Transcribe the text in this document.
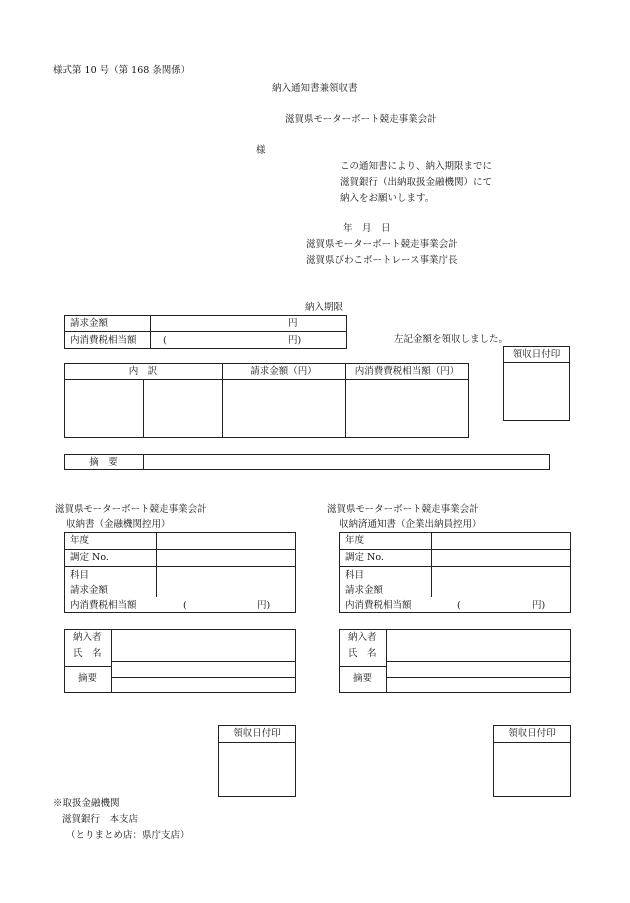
様式第 10 号（第 168 条関係）
納入通知書兼領収書
滋賀県モーターボート競走事業会計
様
この通知書により、納入期限までに
滋賀銀行（出納取扱金融機関）にて
納入をお願いします。
年　月　日
滋賀県モーターボート競走事業会計
滋賀県びわこボートレース事業庁長
納入期限
請求金額	円
内消費税相当額	(	円)	左記金額を領収しました。
領収日付印
内　訳	請求金額（円）	内消費費税相当額（円）
摘　要
滋賀県モーターボート競走事業会計
収納書（金融機関控用）
年度
調定 No.
科目
請求金額
内消費税相当額	(	円)
納入者
氏　名
摘要
領収日付印
滋賀県モーターボート競走事業会計
収納済通知書（企業出納員控用）
年度
調定 No.
科目
請求金額
内消費税相当額	(	円)
納入者
氏　名
摘要
領収日付印
※取扱金融機関
滋賀銀行　本支店
（とりまとめ店：県庁支店）
